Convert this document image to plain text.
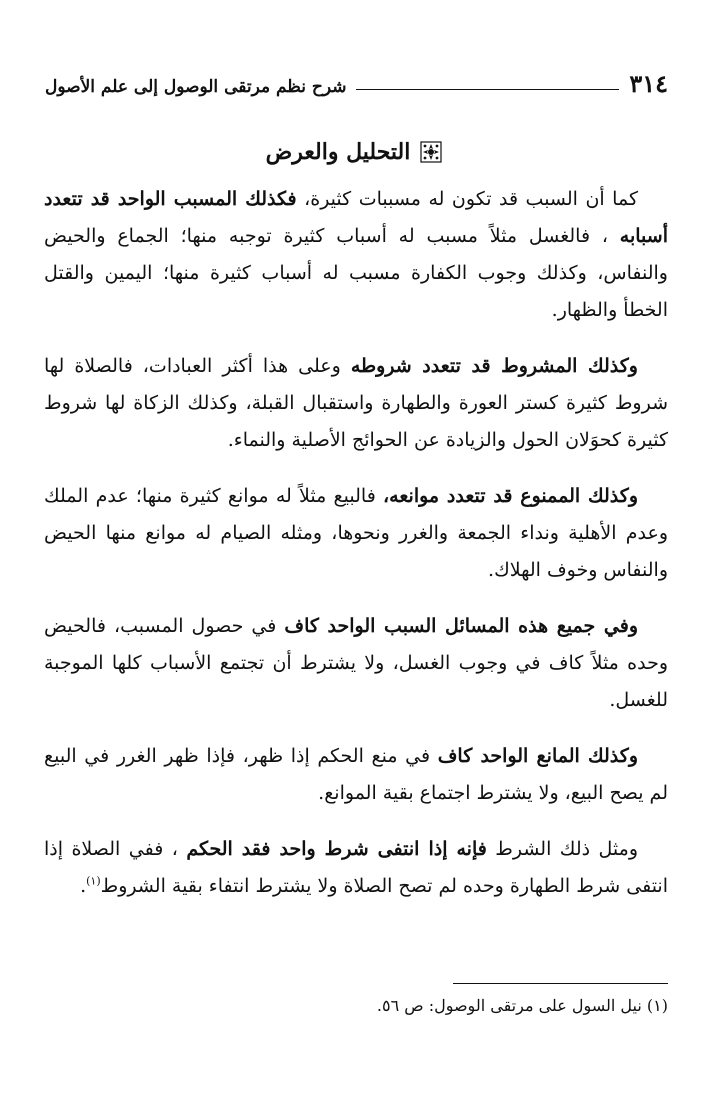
٣١٤
شرح نظم مرتقى الوصول إلى علم الأصول
التحليل والعرض

كما أن السبب قد تكون له مسببات كثيرة، فكذلك المسبب الواحد قد تتعدد أسبابه ، فالغسل مثلاً مسبب له أسباب كثيرة توجبه منها؛ الجماع والحيض والنفاس، وكذلك وجوب الكفارة مسبب له أسباب كثيرة منها؛ اليمين والقتل الخطأ والظهار.

وكذلك المشروط قد تتعدد شروطه وعلى هذا أكثر العبادات، فالصلاة لها شروط كثيرة كستر العورة والطهارة واستقبال القبلة، وكذلك الزكاة لها شروط كثيرة كحوَلان الحول والزيادة عن الحوائج الأصلية والنماء.

وكذلك الممنوع قد تتعدد موانعه، فالبيع مثلاً له موانع كثيرة منها؛ عدم الملك وعدم الأهلية ونداء الجمعة والغرر ونحوها، ومثله الصيام له موانع منها الحيض والنفاس وخوف الهلاك.

وفي جميع هذه المسائل السبب الواحد كاف في حصول المسبب، فالحيض وحده مثلاً كاف في وجوب الغسل، ولا يشترط أن تجتمع الأسباب كلها الموجبة للغسل.

وكذلك المانع الواحد كاف في منع الحكم إذا ظهر، فإذا ظهر الغرر في البيع لم يصح البيع، ولا يشترط اجتماع بقية الموانع.

ومثل ذلك الشرط فإنه إذا انتفى شرط واحد فقد الحكم ، ففي الصلاة إذا انتفى شرط الطهارة وحده لم تصح الصلاة ولا يشترط انتفاء بقية الشروط$^{(١)}$.

(١) نيل السول على مرتقى الوصول: ص ٥٦.
